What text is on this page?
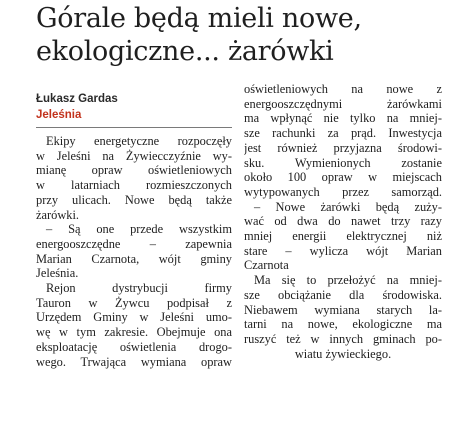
Górale będą mieli nowe,
ekologiczne... żarówki
Łukasz Gardas
Jeleśnia
Ekipy energetyczne rozpoczęły
w Jeleśni na Żywiecczyźnie wy-
mianę opraw oświetleniowych
w latarniach rozmieszczonych
przy ulicach. Nowe będą także
żarówki.
– Są one przede wszystkim
energooszczędne – zapewnia
Marian Czarnota, wójt gminy
Jeleśnia.
Rejon dystrybucji firmy
Tauron w Żywcu podpisał z
Urzędem Gminy w Jeleśni umo-
wę w tym zakresie. Obejmuje ona
eksploatację oświetlenia drogo-
wego. Trwająca wymiana opraw
oświetleniowych na nowe z
energooszczędnymi żarówkami
ma wpłynąć nie tylko na mniej-
sze rachunki za prąd. Inwestycja
jest również przyjazna środowi-
sku. Wymienionych zostanie
około 100 opraw w miejscach
wytypowanych przez samorząd.
– Nowe żarówki będą zuży-
wać od dwa do nawet trzy razy
mniej energii elektrycznej niż
stare – wylicza wójt Marian
Czarnota
Ma się to przełożyć na mniej-
sze obciążanie dla środowiska.
Niebawem wymiana starych la-
tarni na nowe, ekologiczne ma
ruszyć też w innych gminach po-
wiatu żywieckiego.
